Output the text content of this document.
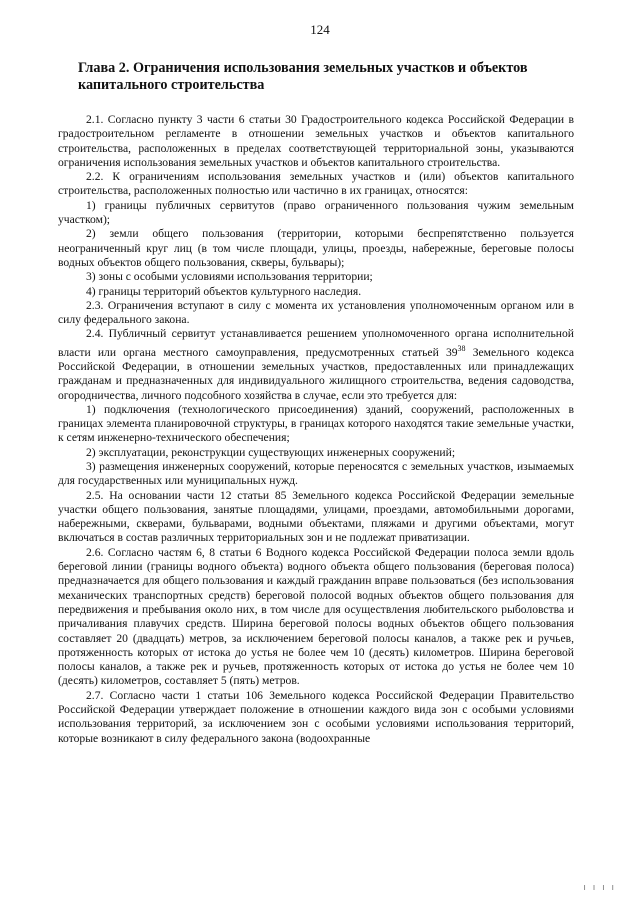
124
Глава 2. Ограничения использования земельных участков и объектов капитального строительства

2.1. Согласно пункту 3 части 6 статьи 30 Градостроительного кодекса Российской Федерации в градостроительном регламенте в отношении земельных участков и объектов капитального строительства, расположенных в пределах соответствующей территориальной зоны, указываются ограничения использования земельных участков и объектов капитального строительства.

2.2. К ограничениям использования земельных участков и (или) объектов капитального строительства, расположенных полностью или частично в их границах, относятся:

1) границы публичных сервитутов (право ограниченного пользования чужим земельным участком);

2) земли общего пользования (территории, которыми беспрепятственно пользуется неограниченный круг лиц (в том числе площади, улицы, проезды, набережные, береговые полосы водных объектов общего пользования, скверы, бульвары);

3) зоны с особыми условиями использования территории;

4) границы территорий объектов культурного наследия.

2.3. Ограничения вступают в силу с момента их установления уполномоченным органом или в силу федерального закона.

2.4. Публичный сервитут устанавливается решением уполномоченного органа исполнительной власти или органа местного самоуправления, предусмотренных статьей $39^{38}$ Земельного кодекса Российской Федерации, в отношении земельных участков, предоставленных или принадлежащих гражданам и предназначенных для индивидуального жилищного строительства, ведения садоводства, огородничества, личного подсобного хозяйства в случае, если это требуется для:

1) подключения (технологического присоединения) зданий, сооружений, расположенных в границах элемента планировочной структуры, в границах которого находятся такие земельные участки, к сетям инженерно-технического обеспечения;

2) эксплуатации, реконструкции существующих инженерных сооружений;

3) размещения инженерных сооружений, которые переносятся с земельных участков, изымаемых для государственных или муниципальных нужд.

2.5. На основании части 12 статьи 85 Земельного кодекса Российской Федерации земельные участки общего пользования, занятые площадями, улицами, проездами, автомобильными дорогами, набережными, скверами, бульварами, водными объектами, пляжами и другими объектами, могут включаться в состав различных территориальных зон и не подлежат приватизации.

2.6. Согласно частям 6, 8 статьи 6 Водного кодекса Российской Федерации полоса земли вдоль береговой линии (границы водного объекта) водного объекта общего пользования (береговая полоса) предназначается для общего пользования и каждый гражданин вправе пользоваться (без использования механических транспортных средств) береговой полосой водных объектов общего пользования для передвижения и пребывания около них, в том числе для осуществления любительского рыболовства и причаливания плавучих средств. Ширина береговой полосы водных объектов общего пользования составляет 20 (двадцать) метров, за исключением береговой полосы каналов, а также рек и ручьев, протяженность которых от истока до устья не более чем 10 (десять) километров. Ширина береговой полосы каналов, а также рек и ручьев, протяженность которых от истока до устья не более чем 10 (десять) километров, составляет 5 (пять) метров.

2.7. Согласно части 1 статьи 106 Земельного кодекса Российской Федерации Правительство Российской Федерации утверждает положение в отношении каждого вида зон с особыми условиями использования территорий, за исключением зон с особыми условиями использования территорий, которые возникают в силу федерального закона (водоохранные

ı ı ı ı
